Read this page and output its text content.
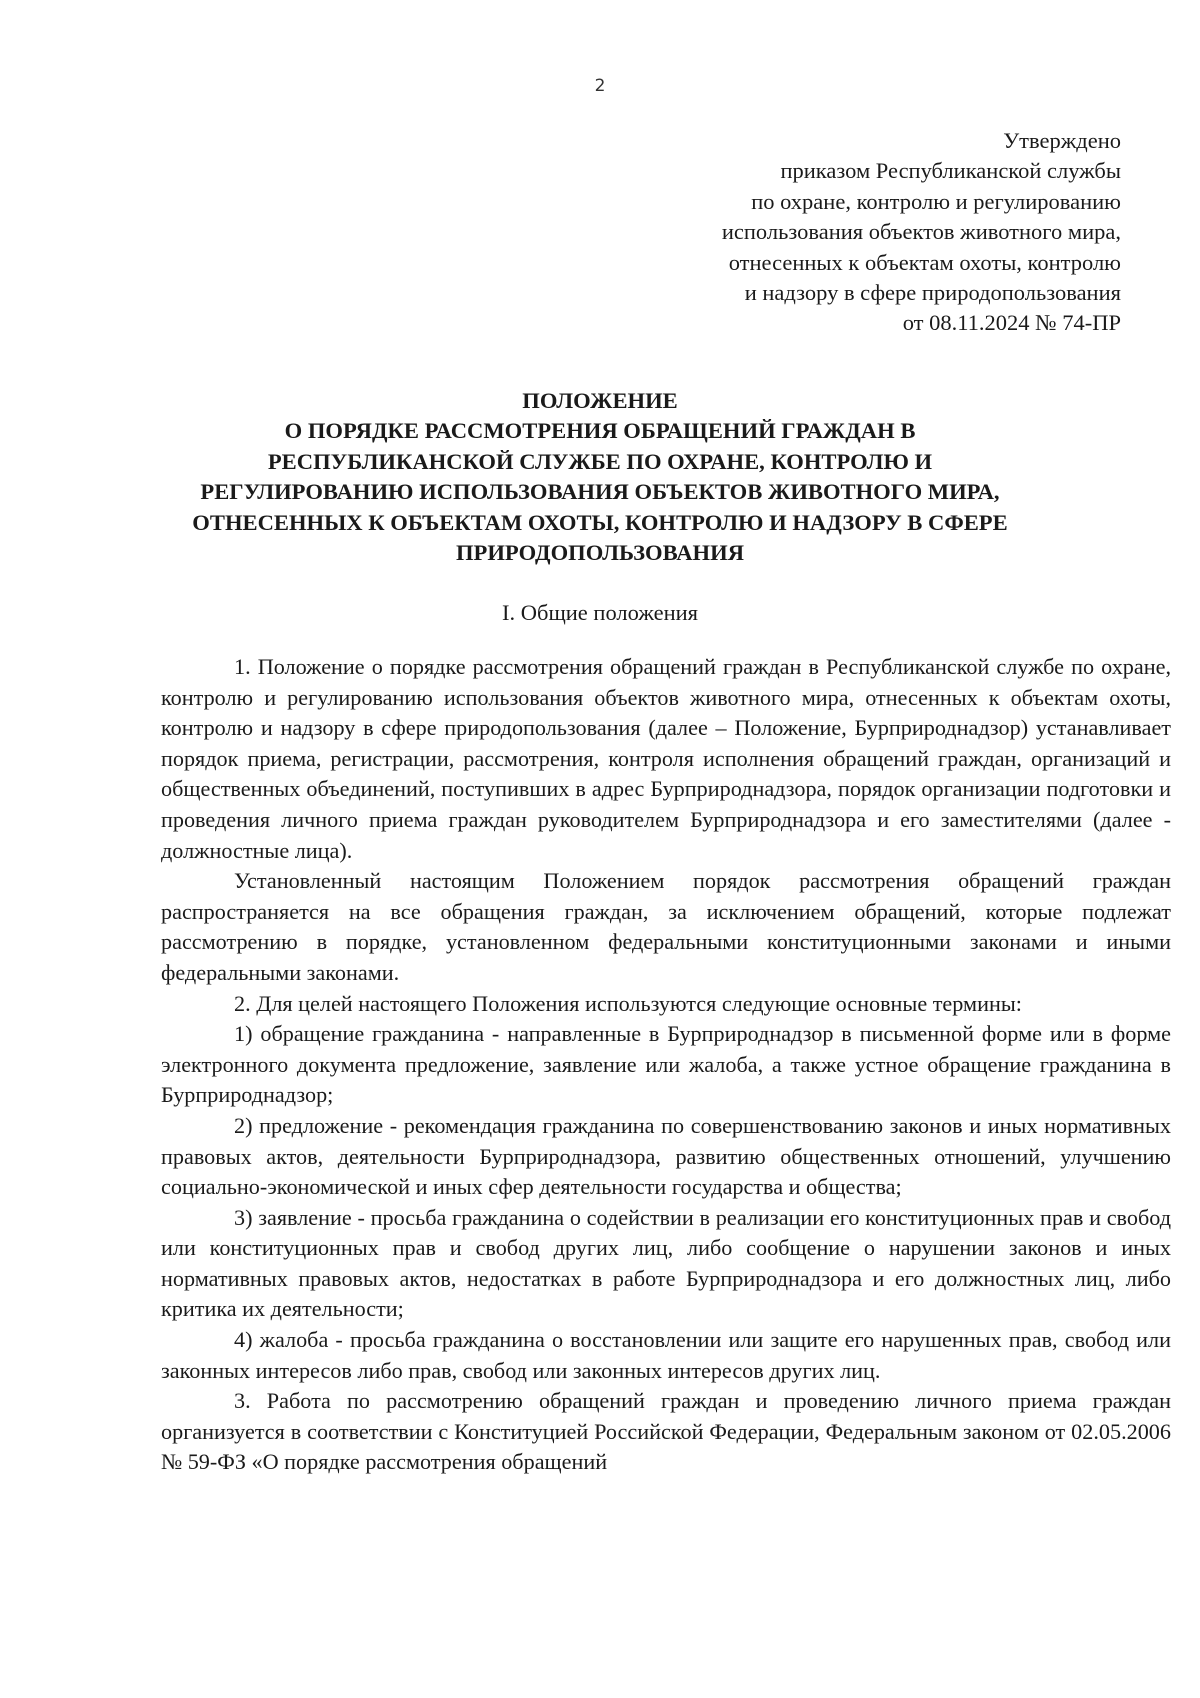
2
Утверждено
приказом Республиканской службы
по охране, контролю и регулированию
использования объектов животного мира,
отнесенных к объектам охоты, контролю
и надзору в сфере природопользования
от 08.11.2024 № 74-ПР
ПОЛОЖЕНИЕ
О ПОРЯДКЕ РАССМОТРЕНИЯ ОБРАЩЕНИЙ ГРАЖДАН В
РЕСПУБЛИКАНСКОЙ СЛУЖБЕ ПО ОХРАНЕ, КОНТРОЛЮ И
РЕГУЛИРОВАНИЮ ИСПОЛЬЗОВАНИЯ ОБЪЕКТОВ ЖИВОТНОГО МИРА,
ОТНЕСЕННЫХ К ОБЪЕКТАМ ОХОТЫ, КОНТРОЛЮ И НАДЗОРУ В СФЕРЕ
ПРИРОДОПОЛЬЗОВАНИЯ
I. Общие положения

1. Положение о порядке рассмотрения обращений граждан в Республиканской службе по охране, контролю и регулированию использования объектов животного мира, отнесенных к объектам охоты, контролю и надзору в сфере природопользования (далее – Положение, Бурприроднадзор) устанавливает порядок приема, регистрации, рассмотрения, контроля исполнения обращений граждан, организаций и общественных объединений, поступивших в адрес Бурприроднадзора, порядок организации подготовки и проведения личного приема граждан руководителем Бурприроднадзора и его заместителями (далее - должностные лица).

Установленный настоящим Положением порядок рассмотрения обращений граждан распространяется на все обращения граждан, за исключением обращений, которые подлежат рассмотрению в порядке, установленном федеральными конституционными законами и иными федеральными законами.

2. Для целей настоящего Положения используются следующие основные термины:

1) обращение гражданина - направленные в Бурприроднадзор в письменной форме или в форме электронного документа предложение, заявление или жалоба, а также устное обращение гражданина в Бурприроднадзор;

2) предложение - рекомендация гражданина по совершенствованию законов и иных нормативных правовых актов, деятельности Бурприроднадзора, развитию общественных отношений, улучшению социально-экономической и иных сфер деятельности государства и общества;

3) заявление - просьба гражданина о содействии в реализации его конституционных прав и свобод или конституционных прав и свобод других лиц, либо сообщение о нарушении законов и иных нормативных правовых актов, недостатках в работе Бурприроднадзора и его должностных лиц, либо критика их деятельности;

4) жалоба - просьба гражданина о восстановлении или защите его нарушенных прав, свобод или законных интересов либо прав, свобод или законных интересов других лиц.

3. Работа по рассмотрению обращений граждан и проведению личного приема граждан организуется в соответствии с Конституцией Российской Федерации, Федеральным законом от 02.05.2006 № 59-ФЗ «О порядке рассмотрения обращений
